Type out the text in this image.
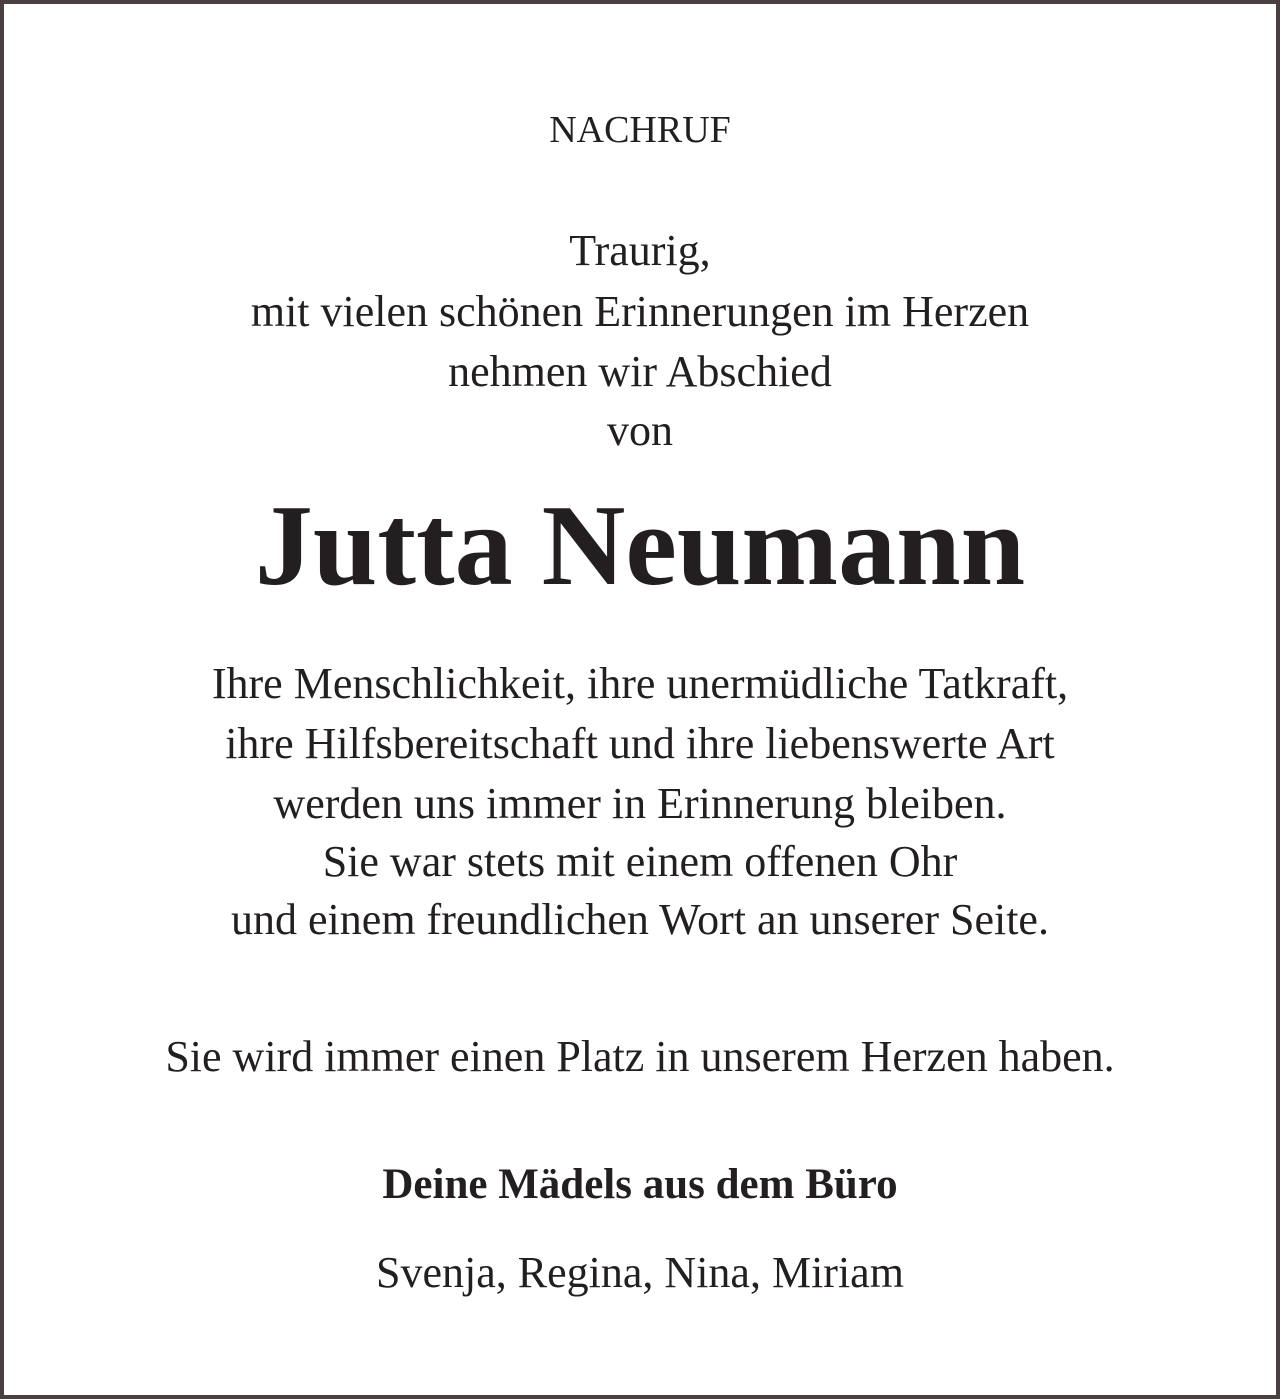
NACHRUF
Traurig,
mit vielen schönen Erinnerungen im Herzen
nehmen wir Abschied
von
Jutta Neumann
Ihre Menschlichkeit, ihre unermüdliche Tatkraft,
ihre Hilfsbereitschaft und ihre liebenswerte Art
werden uns immer in Erinnerung bleiben.
Sie war stets mit einem offenen Ohr
und einem freundlichen Wort an unserer Seite.
Sie wird immer einen Platz in unserem Herzen haben.
Deine Mädels aus dem Büro
Svenja, Regina, Nina, Miriam
